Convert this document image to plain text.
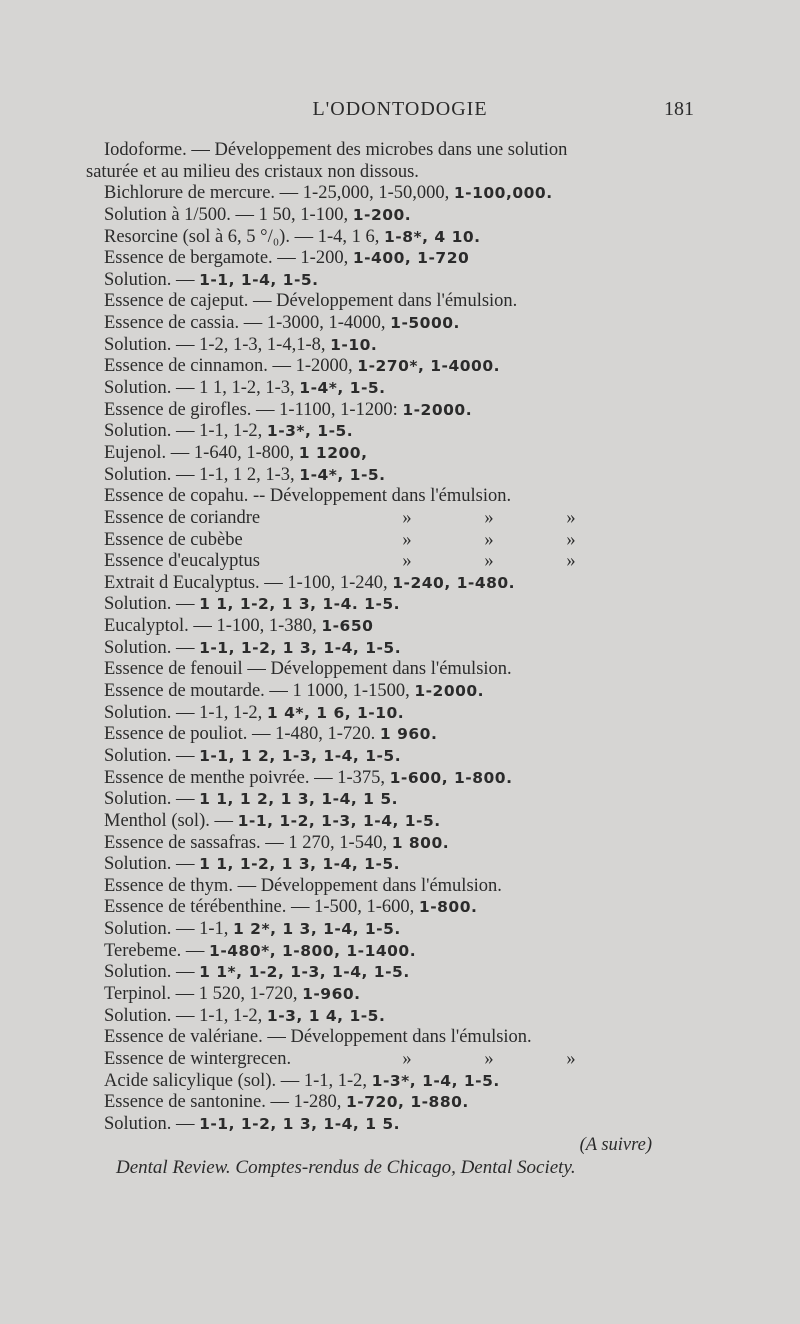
L'ODONTODOGIE	181
Iodoforme. — Développement des microbes dans une solution
saturée et au milieu des cristaux non dissous.
Bichlorure de mercure. — 1-25,000, 1-50,000, 1-100,000.
Solution à 1/500. — 1 50, 1-100, 1-200.
Resorcine (sol à 6, 5 °/₀). — 1-4, 1 6, 1-8*, 4 10.
Essence de bergamote. — 1-200, 1-400, 1-720
Solution. — 1-1, 1-4, 1-5.
Essence de cajeput. — Développement dans l'émulsion.
Essence de cassia. — 1-3000, 1-4000, 1-5000.
Solution. — 1-2, 1-3, 1-4,1-8, 1-10.
Essence de cinnamon. — 1-2000, 1-270*, 1-4000.
Solution. — 1 1, 1-2, 1-3, 1-4*, 1-5.
Essence de girofles. — 1-1100, 1-1200: 1-2000.
Solution. — 1-1, 1-2, 1-3*, 1-5.
Eujenol. — 1-640, 1-800, 1 1200,
Solution. — 1-1, 1 2, 1-3, 1-4*, 1-5.
Essence de copahu. -- Développement dans l'émulsion.
Essence de coriandre	»	»	»
Essence de cubèbe	»	»	»
Essence d'eucalyptus	»	»	»
Extrait d Eucalyptus. — 1-100, 1-240, 1-240, 1-480.
Solution. — 1 1, 1-2, 1 3, 1-4. 1-5.
Eucalyptol. — 1-100, 1-380, 1-650
Solution. — 1-1, 1-2, 1 3, 1-4, 1-5.
Essence de fenouil — Développement dans l'émulsion.
Essence de moutarde. — 1 1000, 1-1500, 1-2000.
Solution. — 1-1, 1-2, 1 4*, 1 6, 1-10.
Essence de pouliot. — 1-480, 1-720. 1 960.
Solution. — 1-1, 1 2, 1-3, 1-4, 1-5.
Essence de menthe poivrée. — 1-375, 1-600, 1-800.
Solution. — 1 1, 1 2, 1 3, 1-4, 1 5.
Menthol (sol). — 1-1, 1-2, 1-3, 1-4, 1-5.
Essence de sassafras. — 1 270, 1-540, 1 800.
Solution. — 1 1, 1-2, 1 3, 1-4, 1-5.
Essence de thym. — Développement dans l'émulsion.
Essence de térébenthine. — 1-500, 1-600, 1-800.
Solution. — 1-1, 1 2*, 1 3, 1-4, 1-5.
Terebeme. — 1-480*, 1-800, 1-1400.
Solution. — 1 1*, 1-2, 1-3, 1-4, 1-5.
Terpinol. — 1 520, 1-720, 1-960.
Solution. — 1-1, 1-2, 1-3, 1 4, 1-5.
Essence de valériane. — Développement dans l'émulsion.
Essence de wintergrecen.	»	»	»
Acide salicylique (sol). — 1-1, 1-2, 1-3*, 1-4, 1-5.
Essence de santonine. — 1-280, 1-720, 1-880.
Solution. — 1-1, 1-2, 1 3, 1-4, 1 5.
(A suivre)
Dental Review. Comptes-rendus de Chicago, Dental Society.
